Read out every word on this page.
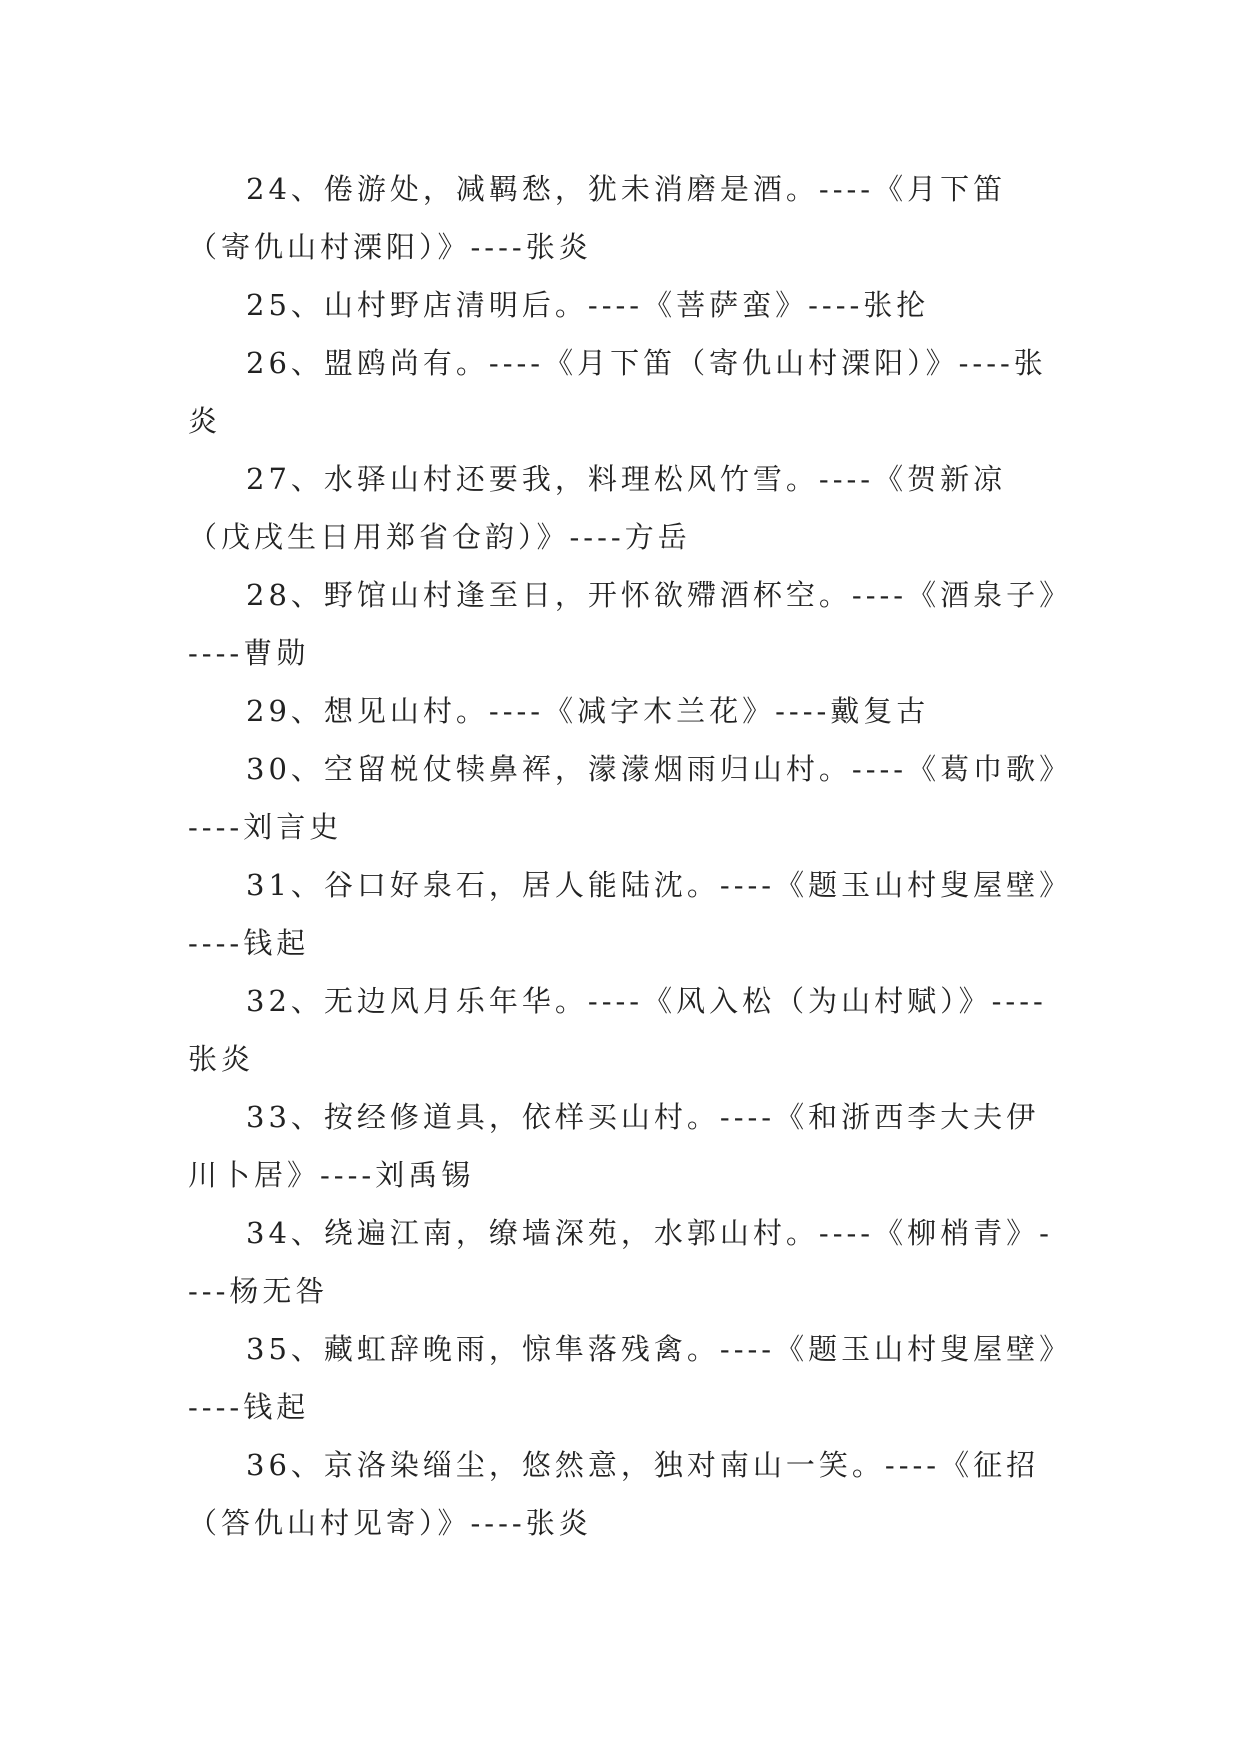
24、倦游处，减羁愁，犹未消磨是酒。----《月下笛（寄仇山村溧阳）》----张炎

25、山村野店清明后。----《菩萨蛮》----张抡

26、盟鸥尚有。----《月下笛（寄仇山村溧阳）》----张炎

27、水驿山村还要我，料理松风竹雪。----《贺新凉（戊戌生日用郑省仓韵）》----方岳

28、野馆山村逢至日，开怀欲殢酒杯空。----《酒泉子》----曹勋

29、想见山村。----《减字木兰花》----戴复古

30、空留棁仗犊鼻裈，濛濛烟雨归山村。----《葛巾歌》----刘言史

31、谷口好泉石，居人能陆沈。----《题玉山村叟屋壁》----钱起

32、无边风月乐年华。----《风入松（为山村赋）》----张炎

33、按经修道具，依样买山村。----《和浙西李大夫伊川卜居》----刘禹锡

34、绕遍江南，缭墙深苑，水郭山村。----《柳梢青》----杨无咎

35、藏虹辞晚雨，惊隼落残禽。----《题玉山村叟屋壁》----钱起

36、京洛染缁尘，悠然意，独对南山一笑。----《征招（答仇山村见寄）》----张炎
